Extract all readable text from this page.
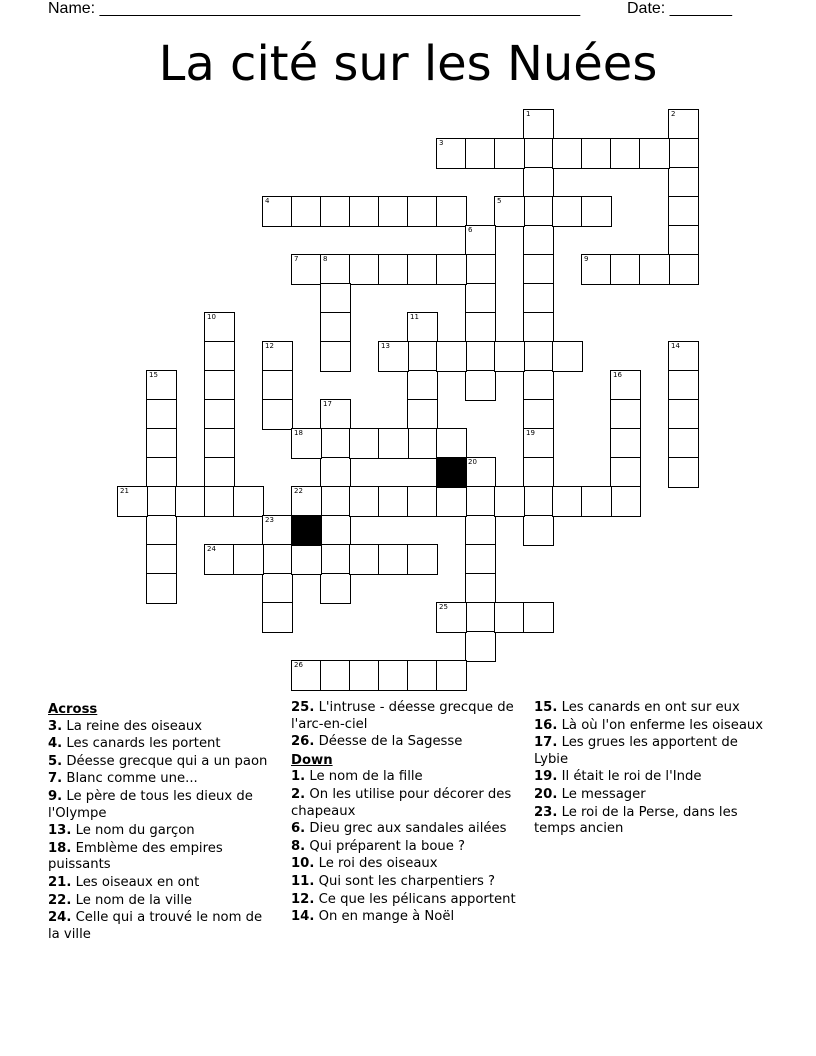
Name: ______________________________________________________	Date: _______
La cité sur les Nuées
1
19
2
3
4	5
6
7	8	9
10	11
12	13	14
15	16
17
18
20
21	22
23
24
25
26
Across
3. La reine des oiseaux
4. Les canards les portent
5. Déesse grecque qui a un paon
7. Blanc comme une...
9. Le père de tous les dieux de l'Olympe
13. Le nom du garçon
18. Emblème des empires puissants
21. Les oiseaux en ont
22. Le nom de la ville
24. Celle qui a trouvé le nom de la ville
25. L'intruse - déesse grecque de l'arc-en-ciel
26. Déesse de la Sagesse
Down
1. Le nom de la fille
2. On les utilise pour décorer des chapeaux
6. Dieu grec aux sandales ailées
8. Qui préparent la boue ?
10. Le roi des oiseaux
11. Qui sont les charpentiers ?
12. Ce que les pélicans apportent
14. On en mange à Noël
15. Les canards en ont sur eux
16. Là où l'on enferme les oiseaux
17. Les grues les apportent de Lybie
19. Il était le roi de l'Inde
20. Le messager
23. Le roi de la Perse, dans les temps ancien
